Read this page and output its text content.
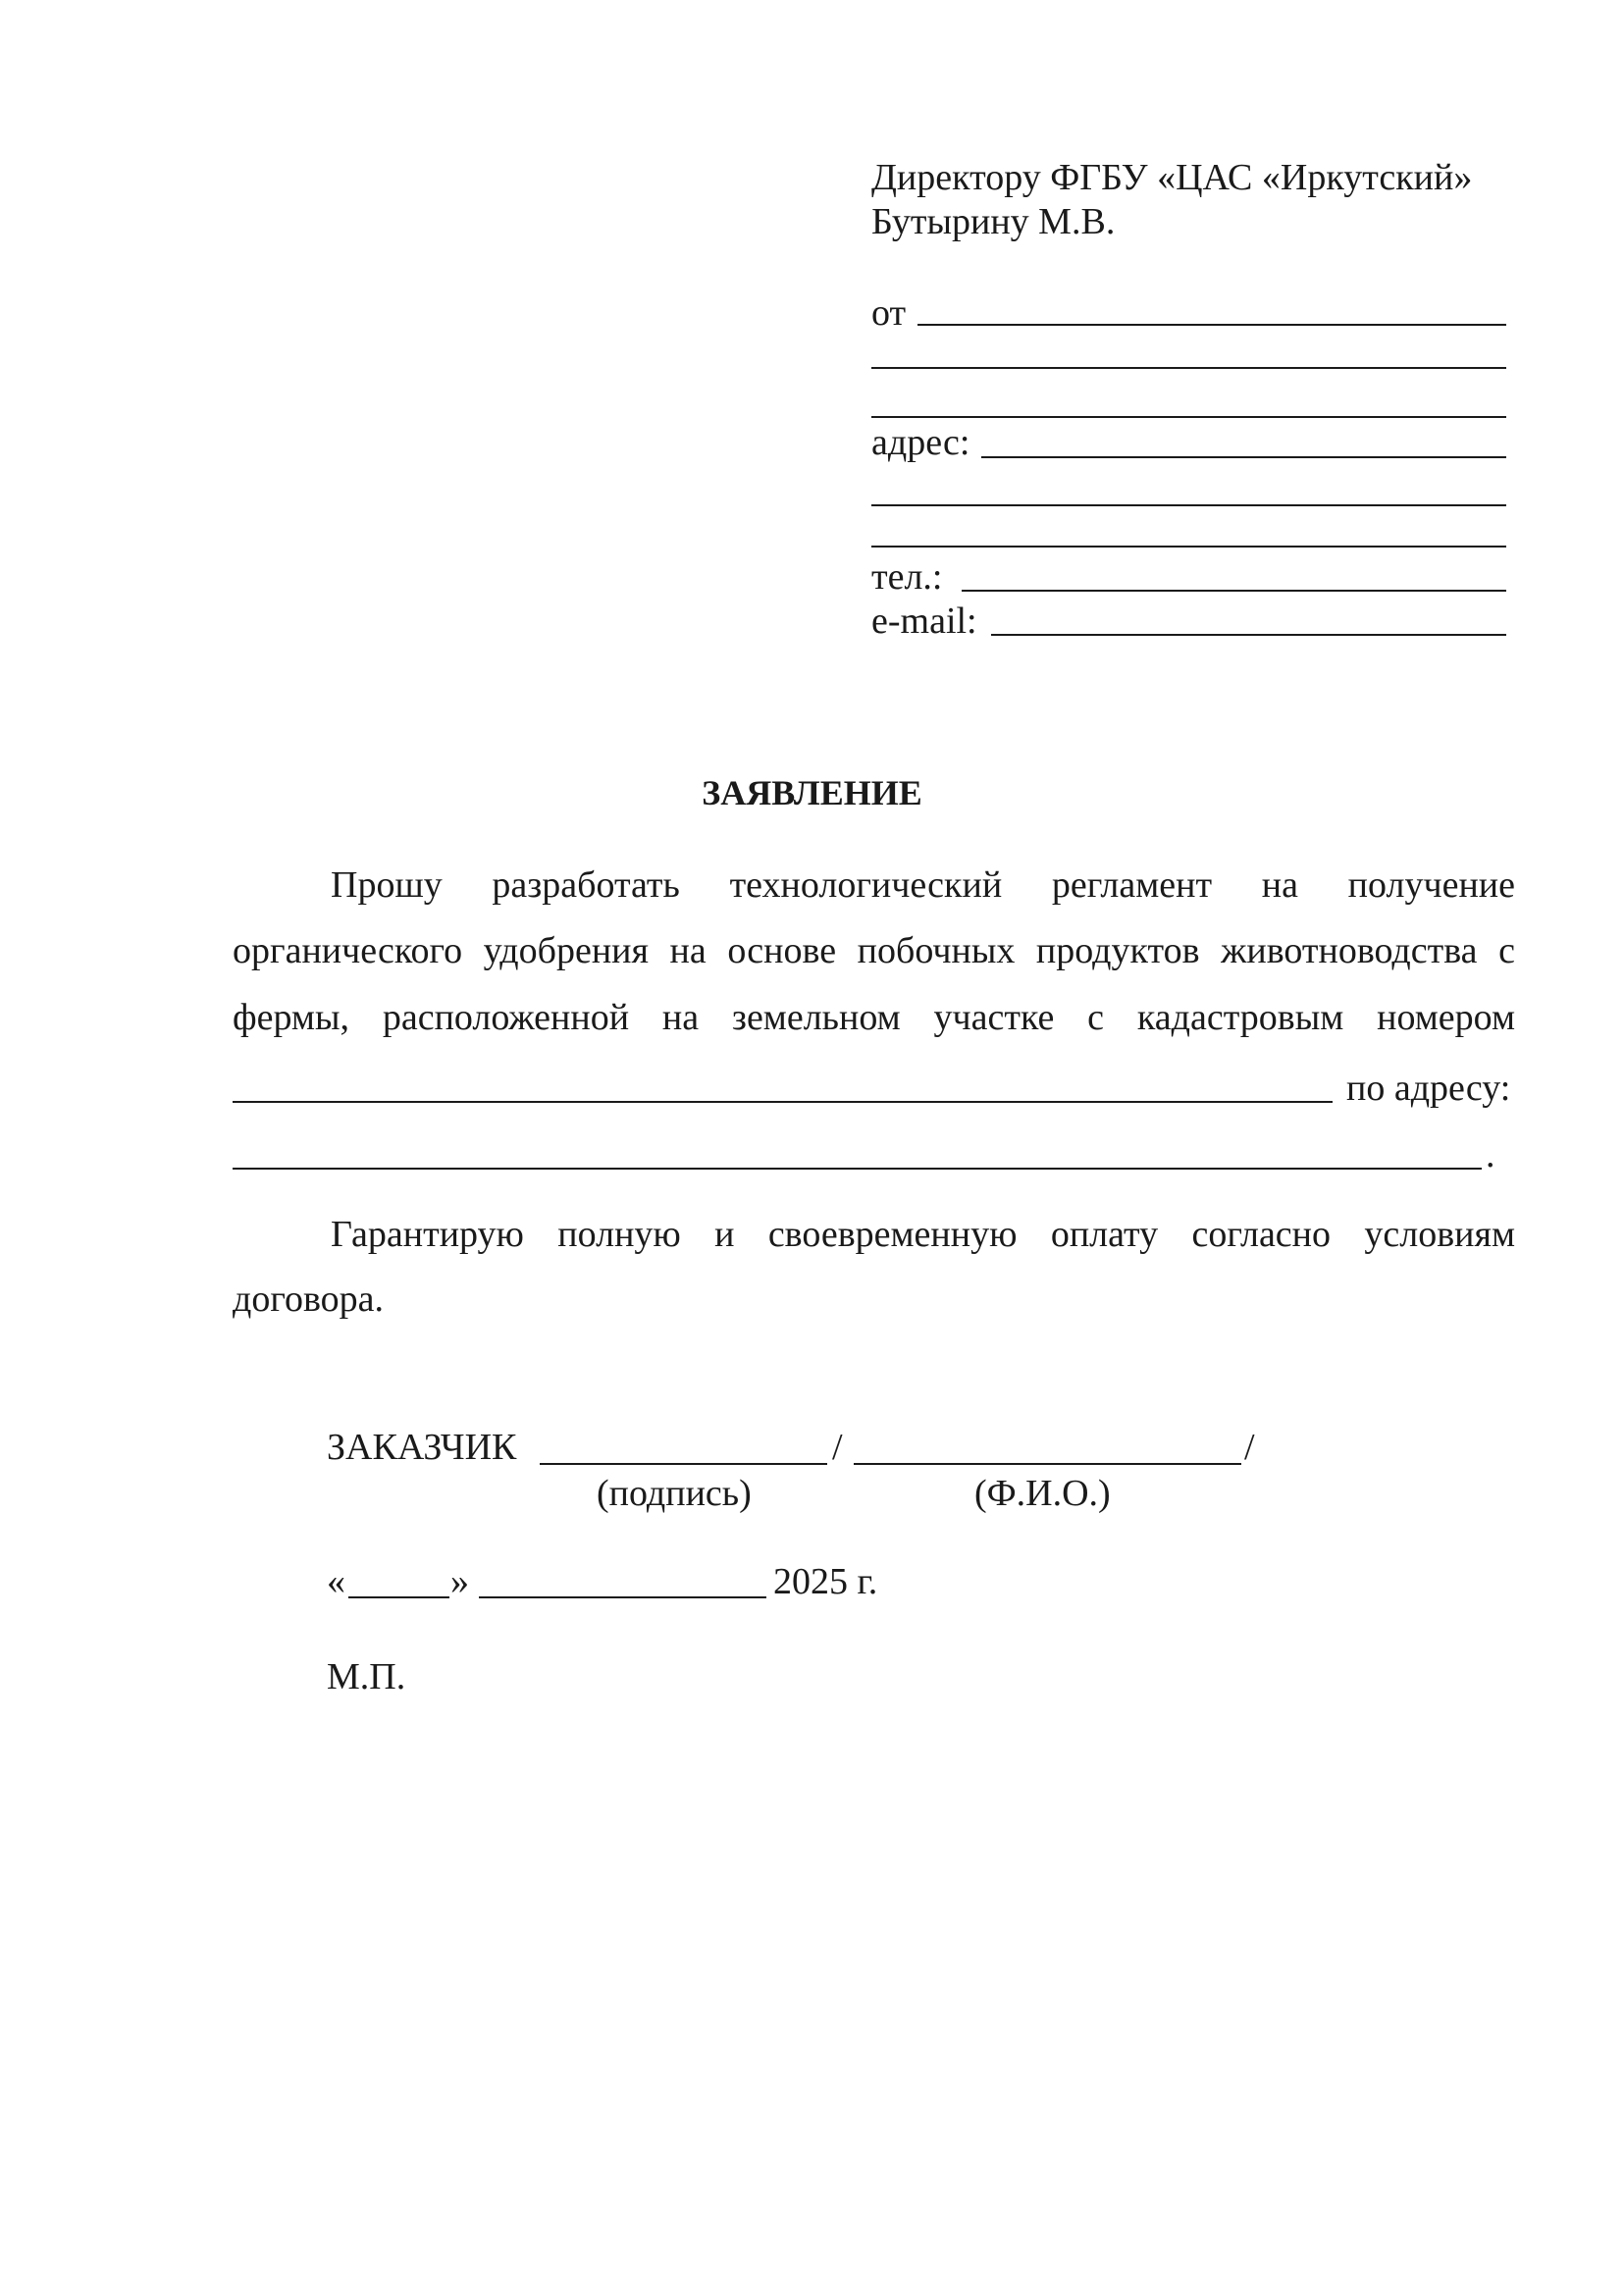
Директору ФГБУ «ЦАС «Иркутский»
Бутырину М.В.
от
адрес:
тел.:
e-mail:
ЗАЯВЛЕНИЕ
Прошу разработать технологический регламент на получение
органического удобрения на основе побочных продуктов животноводства с
фермы, расположенной на земельном участке с кадастровым номером
по адресу:
.
Гарантирую полную и своевременную оплату согласно условиям
договора.
ЗАКАЗЧИК	/	/
(подпись)	(Ф.И.О.)
«	»	2025 г.
М.П.
